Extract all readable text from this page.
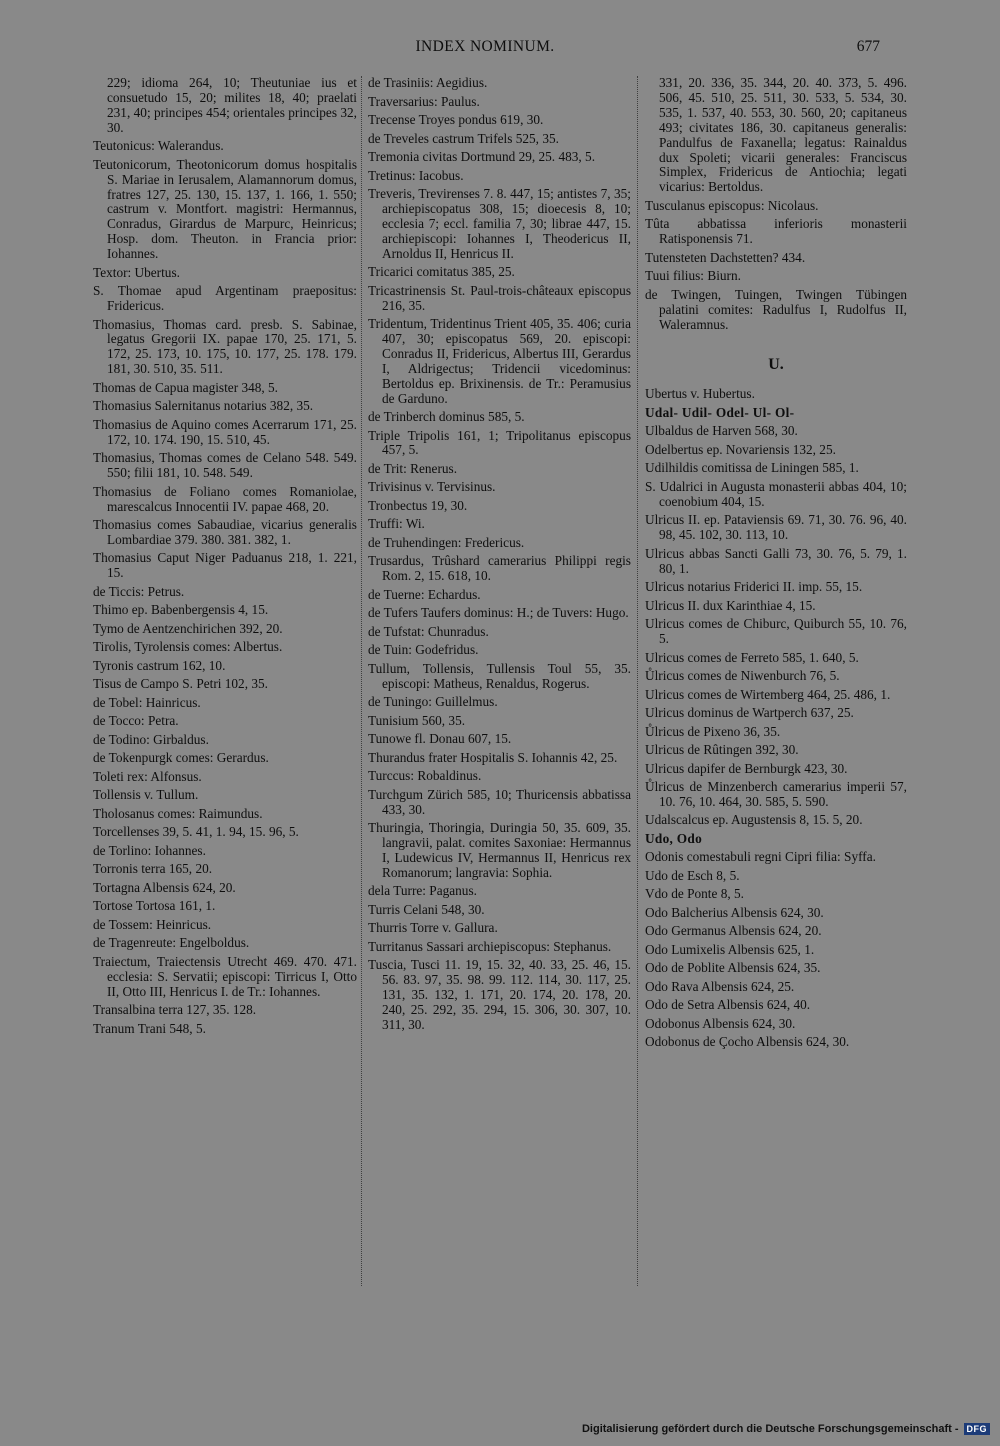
INDEX NOMINUM.	677

229; idioma 264, 10; Theutuniae ius et consuetudo 15, 20; milites 18, 40; praelati 231, 40; principes 454; orientales principes 32, 30.

Teutonicus: Walerandus.

Teutonicorum, Theotonicorum domus hospitalis S. Mariae in Ierusalem, Alamannorum domus, fratres 127, 25. 130, 15. 137, 1. 166, 1. 550; castrum v. Montfort. magistri: Hermannus, Conradus, Girardus de Marpurc, Heinricus; Hosp. dom. Theuton. in Francia prior: Iohannes.

Textor: Ubertus.

S. Thomae apud Argentinam praepositus: Fridericus.

Thomasius, Thomas card. presb. S. Sabinae, legatus Gregorii IX. papae 170, 25. 171, 5. 172, 25. 173, 10. 175, 10. 177, 25. 178. 179. 181, 30. 510, 35. 511.

Thomas de Capua magister 348, 5.

Thomasius Salernitanus notarius 382, 35.

Thomasius de Aquino comes Acerrarum 171, 25. 172, 10. 174. 190, 15. 510, 45.

Thomasius, Thomas comes de Celano 548. 549. 550; filii 181, 10. 548. 549.

Thomasius de Foliano comes Romaniolae, marescalcus Innocentii IV. papae 468, 20.

Thomasius comes Sabaudiae, vicarius generalis Lombardiae 379. 380. 381. 382, 1.

Thomasius Caput Niger Paduanus 218, 1. 221, 15.

de Ticcis: Petrus.

Thimo ep. Babenbergensis 4, 15.

Tymo de Aentzenchirichen 392, 20.

Tirolis, Tyrolensis comes: Albertus.

Tyronis castrum 162, 10.

Tisus de Campo S. Petri 102, 35.

de Tobel: Hainricus.

de Tocco: Petra.

de Todino: Girbaldus.

de Tokenpurgk comes: Gerardus.

Toleti rex: Alfonsus.

Tollensis v. Tullum.

Tholosanus comes: Raimundus.

Torcellenses 39, 5. 41, 1. 94, 15. 96, 5.

de Torlino: Iohannes.

Torronis terra 165, 20.

Tortagna Albensis 624, 20.

Tortose Tortosa 161, 1.

de Tossem: Heinricus.

de Tragenreute: Engelboldus.

Traiectum, Traiectensis Utrecht 469. 470. 471. ecclesia: S. Servatii; episcopi: Tirricus I, Otto II, Otto III, Henricus I. de Tr.: Iohannes.

Transalbina terra 127, 35. 128.

Tranum Trani 548, 5.

de Trasiniis: Aegidius.

Traversarius: Paulus.

Trecense Troyes pondus 619, 30.

de Treveles castrum Trifels 525, 35.

Tremonia civitas Dortmund 29, 25. 483, 5.

Tretinus: Iacobus.

Treveris, Trevirenses 7. 8. 447, 15; antistes 7, 35; archiepiscopatus 308, 15; dioecesis 8, 10; ecclesia 7; eccl. familia 7, 30; librae 447, 15. archiepiscopi: Iohannes I, Theodericus II, Arnoldus II, Henricus II.

Tricarici comitatus 385, 25.

Tricastrinensis St. Paul-trois-châteaux episcopus 216, 35.

Tridentum, Tridentinus Trient 405, 35. 406; curia 407, 30; episcopatus 569, 20. episcopi: Conradus II, Fridericus, Albertus III, Gerardus I, Aldrigectus; Tridencii vicedominus: Bertoldus ep. Brixinensis. de Tr.: Peramusius de Garduno.

de Trinberch dominus 585, 5.

Triple Tripolis 161, 1; Tripolitanus episcopus 457, 5.

de Trit: Renerus.

Trivisinus v. Tervisinus.

Tronbectus 19, 30.

Truffi: Wi.

de Truhendingen: Fredericus.

Trusardus, Trûshard camerarius Philippi regis Rom. 2, 15. 618, 10.

de Tuerne: Echardus.

de Tufers Taufers dominus: H.; de Tuvers: Hugo.

de Tufstat: Chunradus.

de Tuin: Godefridus.

Tullum, Tollensis, Tullensis Toul 55, 35. episcopi: Matheus, Renaldus, Rogerus.

de Tuningo: Guillelmus.

Tunisium 560, 35.

Tunowe fl. Donau 607, 15.

Thurandus frater Hospitalis S. Iohannis 42, 25.

Turccus: Robaldinus.

Turchgum Zürich 585, 10; Thuricensis abbatissa 433, 30.

Thuringia, Thoringia, Duringia 50, 35. 609, 35. langravii, palat. comites Saxoniae: Hermannus I, Ludewicus IV, Hermannus II, Henricus rex Romanorum; langravia: Sophia.

dela Turre: Paganus.

Turris Celani 548, 30.

Thurris Torre v. Gallura.

Turritanus Sassari archiepiscopus: Stephanus.

Tuscia, Tusci 11. 19, 15. 32, 40. 33, 25. 46, 15. 56. 83. 97, 35. 98. 99. 112. 114, 30. 117, 25. 131, 35. 132, 1. 171, 20. 174, 20. 178, 20. 240, 25. 292, 35. 294, 15. 306, 30. 307, 10. 311, 30.

331, 20. 336, 35. 344, 20. 40. 373, 5. 496. 506, 45. 510, 25. 511, 30. 533, 5. 534, 30. 535, 1. 537, 40. 553, 30. 560, 20; capitaneus 493; civitates 186, 30. capitaneus generalis: Pandulfus de Faxanella; legatus: Rainaldus dux Spoleti; vicarii generales: Franciscus Simplex, Fridericus de Antiochia; legati vicarius: Bertoldus.

Tusculanus episcopus: Nicolaus.

Tûta abbatissa inferioris monasterii Ratisponensis 71.

Tutensteten Dachstetten? 434.

Tuui filius: Biurn.

de Twingen, Tuingen, Twingen Tübingen palatini comites: Radulfus I, Rudolfus II, Waleramnus.

U.

Ubertus v. Hubertus.

Udal- Udil- Odel- Ul- Ol-

Ulbaldus de Harven 568, 30.

Odelbertus ep. Novariensis 132, 25.

Udilhildis comitissa de Liningen 585, 1.

S. Udalrici in Augusta monasterii abbas 404, 10; coenobium 404, 15.

Ulricus II. ep. Pataviensis 69. 71, 30. 76. 96, 40. 98, 45. 102, 30. 113, 10.

Ulricus abbas Sancti Galli 73, 30. 76, 5. 79, 1. 80, 1.

Ulricus notarius Friderici II. imp. 55, 15.

Ulricus II. dux Karinthiae 4, 15.

Ulricus comes de Chiburc, Quiburch 55, 10. 76, 5.

Ulricus comes de Ferreto 585, 1. 640, 5.

Ůlricus comes de Niwenburch 76, 5.

Ulricus comes de Wirtemberg 464, 25. 486, 1.

Ulricus dominus de Wartperch 637, 25.

Ůlricus de Pixeno 36, 35.

Ulricus de Rûtingen 392, 30.

Ulricus dapifer de Bernburgk 423, 30.

Ůlricus de Minzenberch camerarius imperii 57, 10. 76, 10. 464, 30. 585, 5. 590.

Udalscalcus ep. Augustensis 8, 15. 5, 20.

Udo, Odo

Odonis comestabuli regni Cipri filia: Syffa.

Udo de Esch 8, 5.

Vdo de Ponte 8, 5.

Odo Balcherius Albensis 624, 30.

Odo Germanus Albensis 624, 20.

Odo Lumixelis Albensis 625, 1.

Odo de Poblite Albensis 624, 35.

Odo Rava Albensis 624, 25.

Odo de Setra Albensis 624, 40.

Odobonus Albensis 624, 30.

Odobonus de Çocho Albensis 624, 30.

Digitalisierung gefördert durch die Deutsche Forschungsgemeinschaft - DFG
